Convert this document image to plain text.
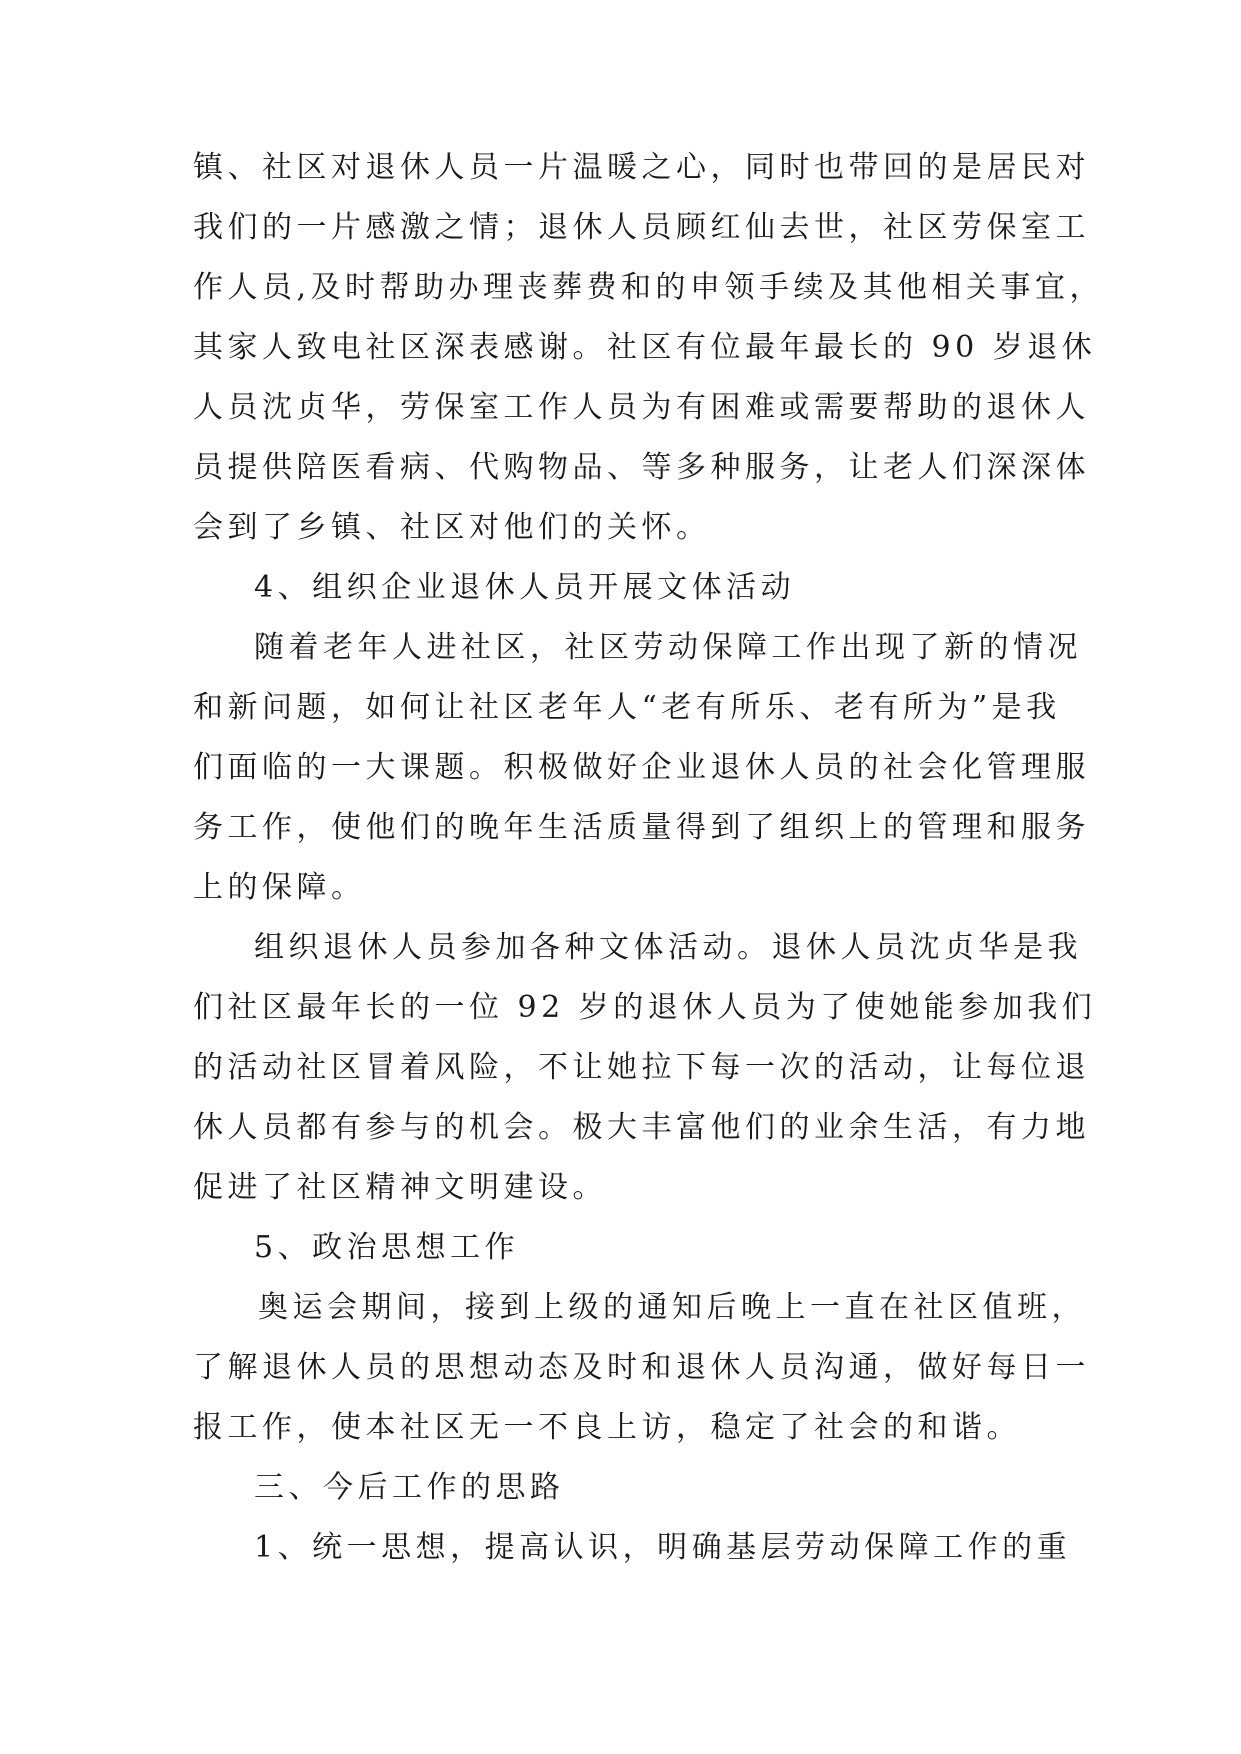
镇、社区对退休人员一片温暖之心，同时也带回的是居民对
我们的一片感激之情；退休人员顾红仙去世，社区劳保室工
作人员,及时帮助办理丧葬费和的申领手续及其他相关事宜，
其家人致电社区深表感谢。社区有位最年最长的 90 岁退休
人员沈贞华，劳保室工作人员为有困难或需要帮助的退休人
员提供陪医看病、代购物品、等多种服务，让老人们深深体
会到了乡镇、社区对他们的关怀。
4、组织企业退休人员开展文体活动
随着老年人进社区，社区劳动保障工作出现了新的情况
和新问题，如何让社区老年人“老有所乐、老有所为”是我
们面临的一大课题。积极做好企业退休人员的社会化管理服
务工作，使他们的晚年生活质量得到了组织上的管理和服务
上的保障。
组织退休人员参加各种文体活动。退休人员沈贞华是我
们社区最年长的一位 92 岁的退休人员为了使她能参加我们
的活动社区冒着风险，不让她拉下每一次的活动，让每位退
休人员都有参与的机会。极大丰富他们的业余生活，有力地
促进了社区精神文明建设。
5、政治思想工作
奥运会期间，接到上级的通知后晚上一直在社区值班，
了解退休人员的思想动态及时和退休人员沟通，做好每日一
报工作，使本社区无一不良上访，稳定了社会的和谐。
三、今后工作的思路
1、统一思想，提高认识，明确基层劳动保障工作的重
